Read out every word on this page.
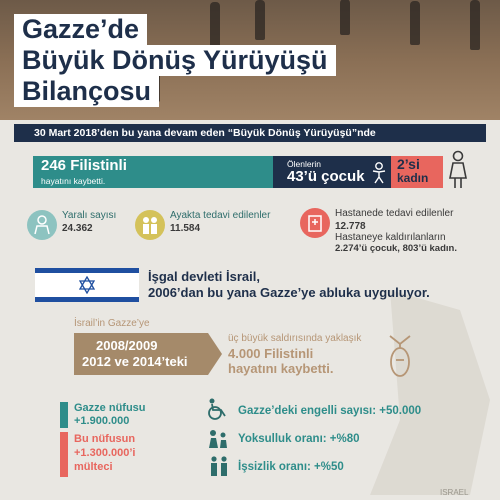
Gazze’de
Büyük Dönüş Yürüyüşü
Bilançosu
30 Mart 2018’den bu yana devam eden “Büyük Dönüş Yürüyüşü”nde
246 Filistinli
hayatını kaybetti.
Ölenlerin
43’ü çocuk
2’si
kadın
Yaralı sayısı
24.362
Ayakta tedavi edilenler
11.584
Hastanede tedavi edilenler
12.778
Hastaneye kaldırılanların
2.274’ü çocuk, 803’ü kadın.
İşgal devleti İsrail,
2006’dan bu yana Gazze’ye abluka uyguluyor.
İsrail’in Gazze’ye
2008/2009
2012 ve 2014’teki
üç büyük saldırısında yaklaşık
4.000 Filistinli
hayatını kaybetti.
Gazze nüfusu
+1.900.000
Bu nüfusun
+1.300.000’i
mülteci
Gazze’deki engelli sayısı: +50.000
Yoksulluk oranı: +%80
İşsizlik oranı: +%50
ISRAEL
